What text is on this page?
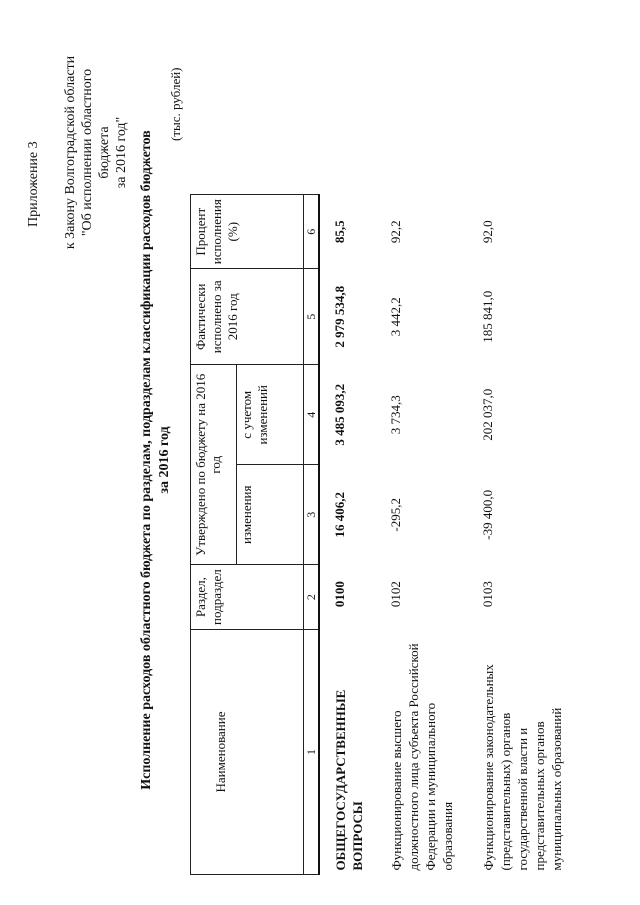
Приложение 3 к Закону Волгоградской области "Об исполнении областного бюджета за 2016 год" Исполнение расходов областного бюджета по разделам, подразделам классификации расходов бюджетов за 2016 год
(тыс. рублей)
Наименование	Раздел, подраздел	Утверждено по бюджету на 2016 год		Фактически исполнено за 2016 год	Процент исполнения (%)
		изменения	с учетом изменений		
1	2	3	4	5	6
ОБЩЕГОСУДАРСТВЕННЫЕ ВОПРОСЫ	0100	16 406,2	3 485 093,2	2 979 534,8	85,5
Функционирование высшего должностного лица субъекта Российской Федерации и муниципального образования	0102	-295,2	3 734,3	3 442,2	92,2
Функционирование законодательных (представительных) органов государственной власти и представительных органов муниципальных образований	0103	-39 400,0	202 037,0	185 841,0	92,0
